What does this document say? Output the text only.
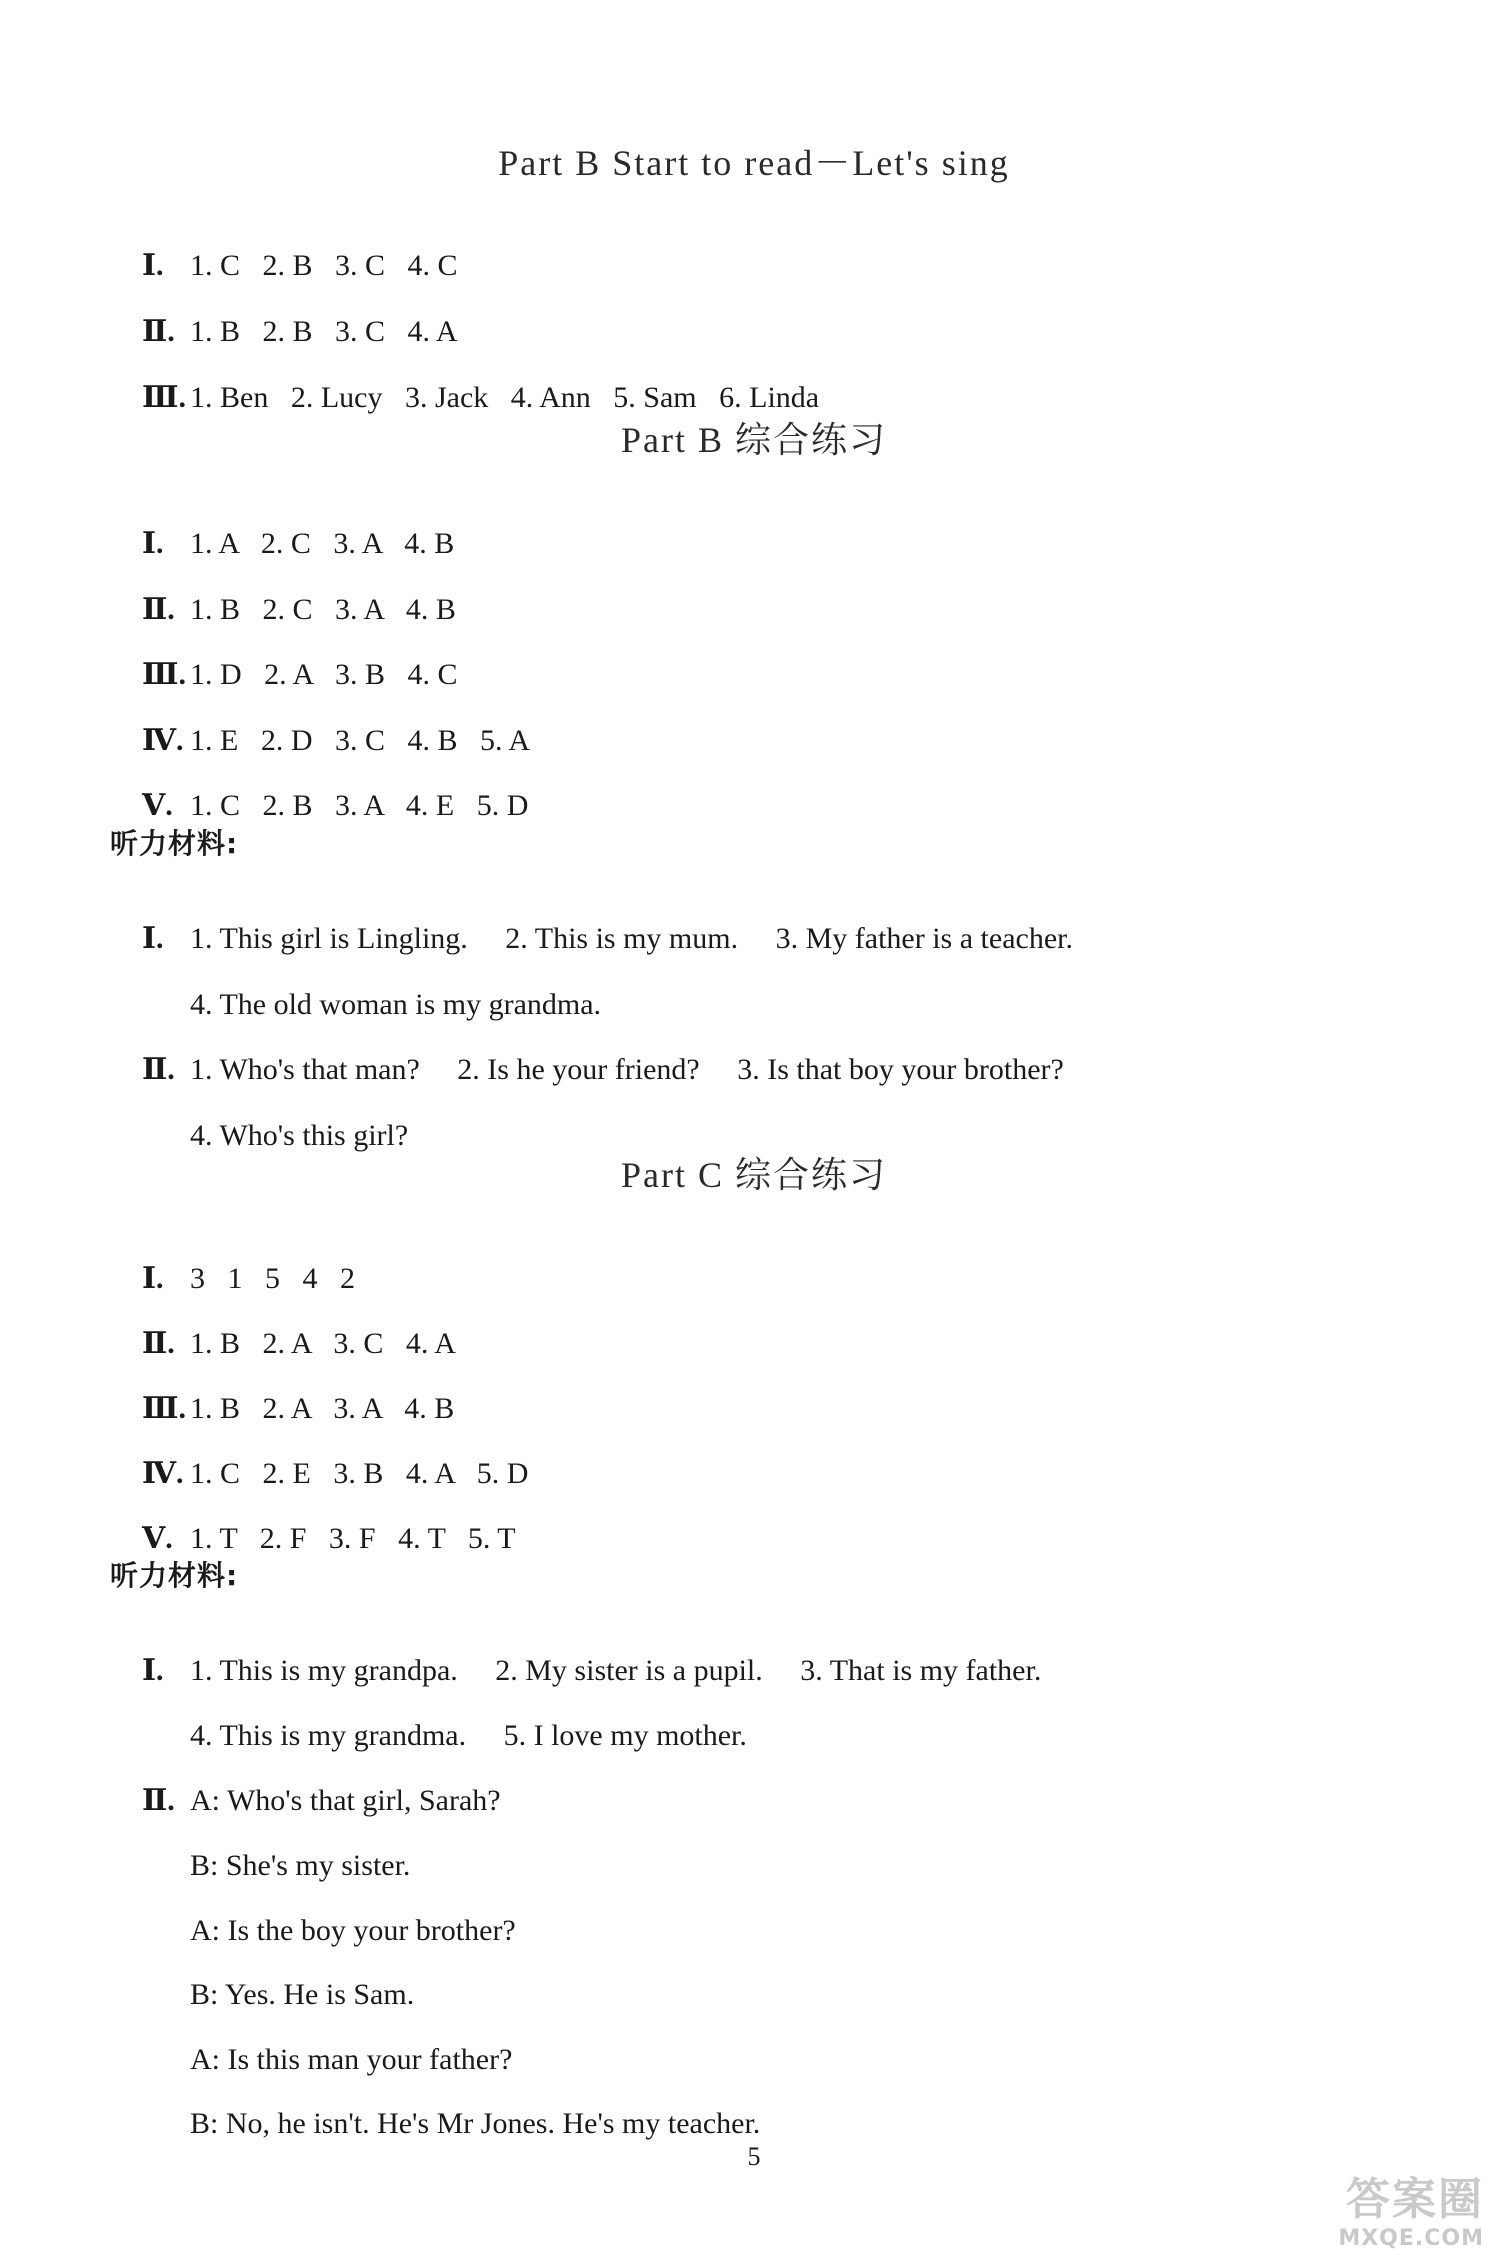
Part B Start to read－Let's sing

Ⅰ. 1. C   2. B   3. C   4. C

Ⅱ. 1. B   2. B   3. C   4. A

Ⅲ. 1. Ben   2. Lucy   3. Jack   4. Ann   5. Sam   6. Linda

Part B 综合练习

Ⅰ. 1. A   2. C   3. A   4. B

Ⅱ. 1. B   2. C   3. A   4. B

Ⅲ. 1. D   2. A   3. B   4. C

Ⅳ. 1. E   2. D   3. C   4. B   5. A

Ⅴ. 1. C   2. B   3. A   4. E   5. D

听力材料:

Ⅰ. 1. This girl is Lingling.     2. This is my mum.     3. My father is a teacher.

4. The old woman is my grandma.

Ⅱ. 1. Who's that man?     2. Is he your friend?     3. Is that boy your brother?

4. Who's this girl?

Part C 综合练习

Ⅰ. 3   1   5   4   2

Ⅱ. 1. B   2. A   3. C   4. A

Ⅲ. 1. B   2. A   3. A   4. B

Ⅳ. 1. C   2. E   3. B   4. A   5. D

Ⅴ. 1. T   2. F   3. F   4. T   5. T

听力材料:

Ⅰ. 1. This is my grandpa.     2. My sister is a pupil.     3. That is my father.

4. This is my grandma.     5. I love my mother.

Ⅱ. A: Who's that girl, Sarah?

B: She's my sister.

A: Is the boy your brother?

B: Yes. He is Sam.

A: Is this man your father?

B: No, he isn't. He's Mr Jones. He's my teacher.

5
答案圈
MXQE.COM
